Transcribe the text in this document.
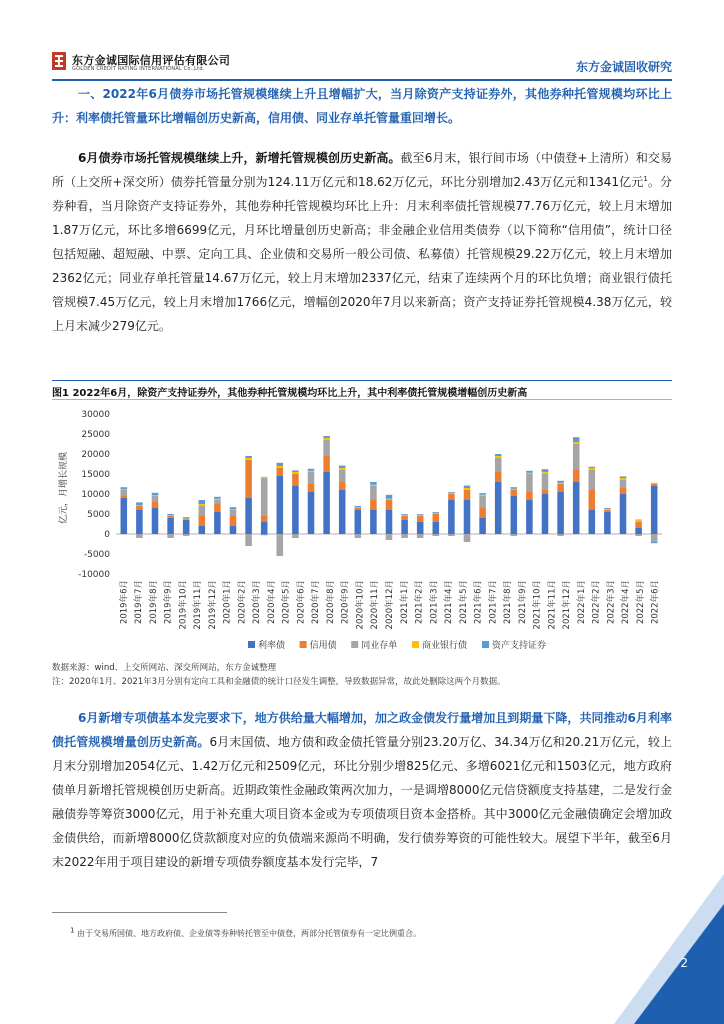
东方金诚国际信用评估有限公司
GOLDEN CREDIT RATING INTERNATIONAL Co.,Ltd.	东方金诚固收研究

一、2022年6月债券市场托管规模继续上升且增幅扩大，当月除资产支持证券外，其他券种托管规模均环比上升：利率债托管量环比增幅创历史新高，信用债、同业存单托管量重回增长。

6月债券市场托管规模继续上升，新增托管规模创历史新高。截至6月末，银行间市场（中债登+上清所）和交易所（上交所+深交所）债券托管量分别为124.11万亿元和18.62万亿元，环比分别增加2.43万亿元和1341亿元$^1$。分券种看，当月除资产支持证券外，其他券种托管规模均环比上升：月末利率债托管规模77.76万亿元，较上月末增加1.87万亿元，环比多增6699亿元，月环比增量创历史新高；非金融企业信用类债券（以下简称“信用债”，统计口径包括短融、超短融、中票、定向工具、企业债和交易所一般公司债、私募债）托管规模29.22万亿元，较上月末增加2362亿元；同业存单托管量14.67万亿元，较上月末增加2337亿元，结束了连续两个月的环比负增；商业银行债托管规模7.45万亿元，较上月末增加1766亿元，增幅创2020年7月以来新高；资产支持证券托管规模4.38万亿元，较上月末减少279亿元。

图1 2022年6月，除资产支持证券外，其他券种托管规模均环比上升，其中利率债托管规模增幅创历史新高
亿元，月增长规模
30000
25000
20000
15000
10000
5000
0
-5000
-10000
2019年6月 2019年7月 2019年8月 2019年9月 2019年10月 2019年11月 2019年12月 2020年1月 2020年2月 2020年3月 2020年4月 2020年5月 2020年6月 2020年7月 2020年8月 2020年9月 2020年10月 2020年11月 2020年12月 2021年1月 2021年2月 2021年3月 2021年4月 2021年5月 2021年6月 2021年7月 2021年8月 2021年9月 2021年10月 2021年11月 2021年12月 2022年1月 2022年2月 2022年3月 2022年4月 2022年5月 2022年6月
利率债	信用债	同业存单	商业银行债	资产支持证券
数据来源：wind、上交所网站、深交所网站，东方金诚整理
注：2020年1月、2021年3月分别有定向工具和金融债的统计口径发生调整，导致数据异常，故此处删除这两个月数据。

6月新增专项债基本发完要求下，地方供给量大幅增加，加之政金债发行量增加且到期量下降，共同推动6月利率债托管规模增量创历史新高。6月末国债、地方债和政金债托管量分别23.20万亿、34.34万亿和20.21万亿元，较上月末分别增加2054亿元、1.42万亿元和2509亿元，环比分别少增825亿元、多增6021亿元和1503亿元，地方政府债单月新增托管规模创历史新高。近期政策性金融政策两次加力，一是调增8000亿元信贷额度支持基建，二是发行金融债券等筹资3000亿元，用于补充重大项目资本金或为专项债项目资本金搭桥。其中3000亿元金融债确定会增加政金债供给，而新增8000亿贷款额度对应的负债端来源尚不明确，发行债券筹资的可能性较大。展望下半年，截至6月末2022年用于项目建设的新增专项债券额度基本发行完毕，7

$^1$ 由于交易所国债、地方政府债、企业债等券种转托管至中债登，两部分托管债券有一定比例重合。
2
